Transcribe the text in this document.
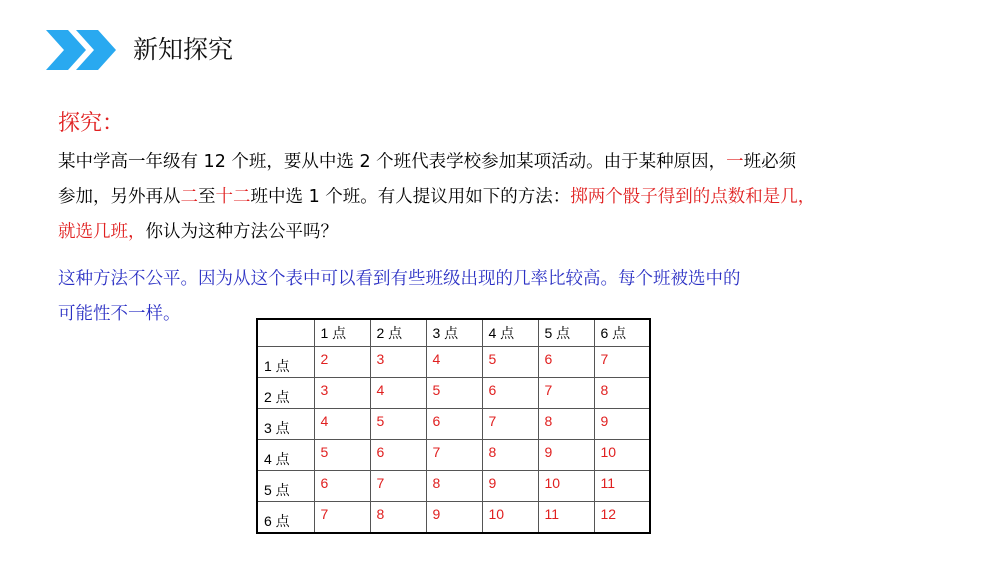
新知探究
探究：
某中学高一年级有 12 个班，要从中选 2 个班代表学校参加某项活动。由于某种原因，一班必须
参加，另外再从二至十二班中选 1 个班。有人提议用如下的方法：掷两个骰子得到的点数和是几，
就选几班，你认为这种方法公平吗？
这种方法不公平。因为从这个表中可以看到有些班级出现的几率比较高。每个班被选中的
可能性不一样。
	1 点	2 点	3 点	4 点	5 点	6 点
1 点	2	3	4	5	6	7
2 点	3	4	5	6	7	8
3 点	4	5	6	7	8	9
4 点	5	6	7	8	9	10
5 点	6	7	8	9	10	11
6 点	7	8	9	10	11	12
